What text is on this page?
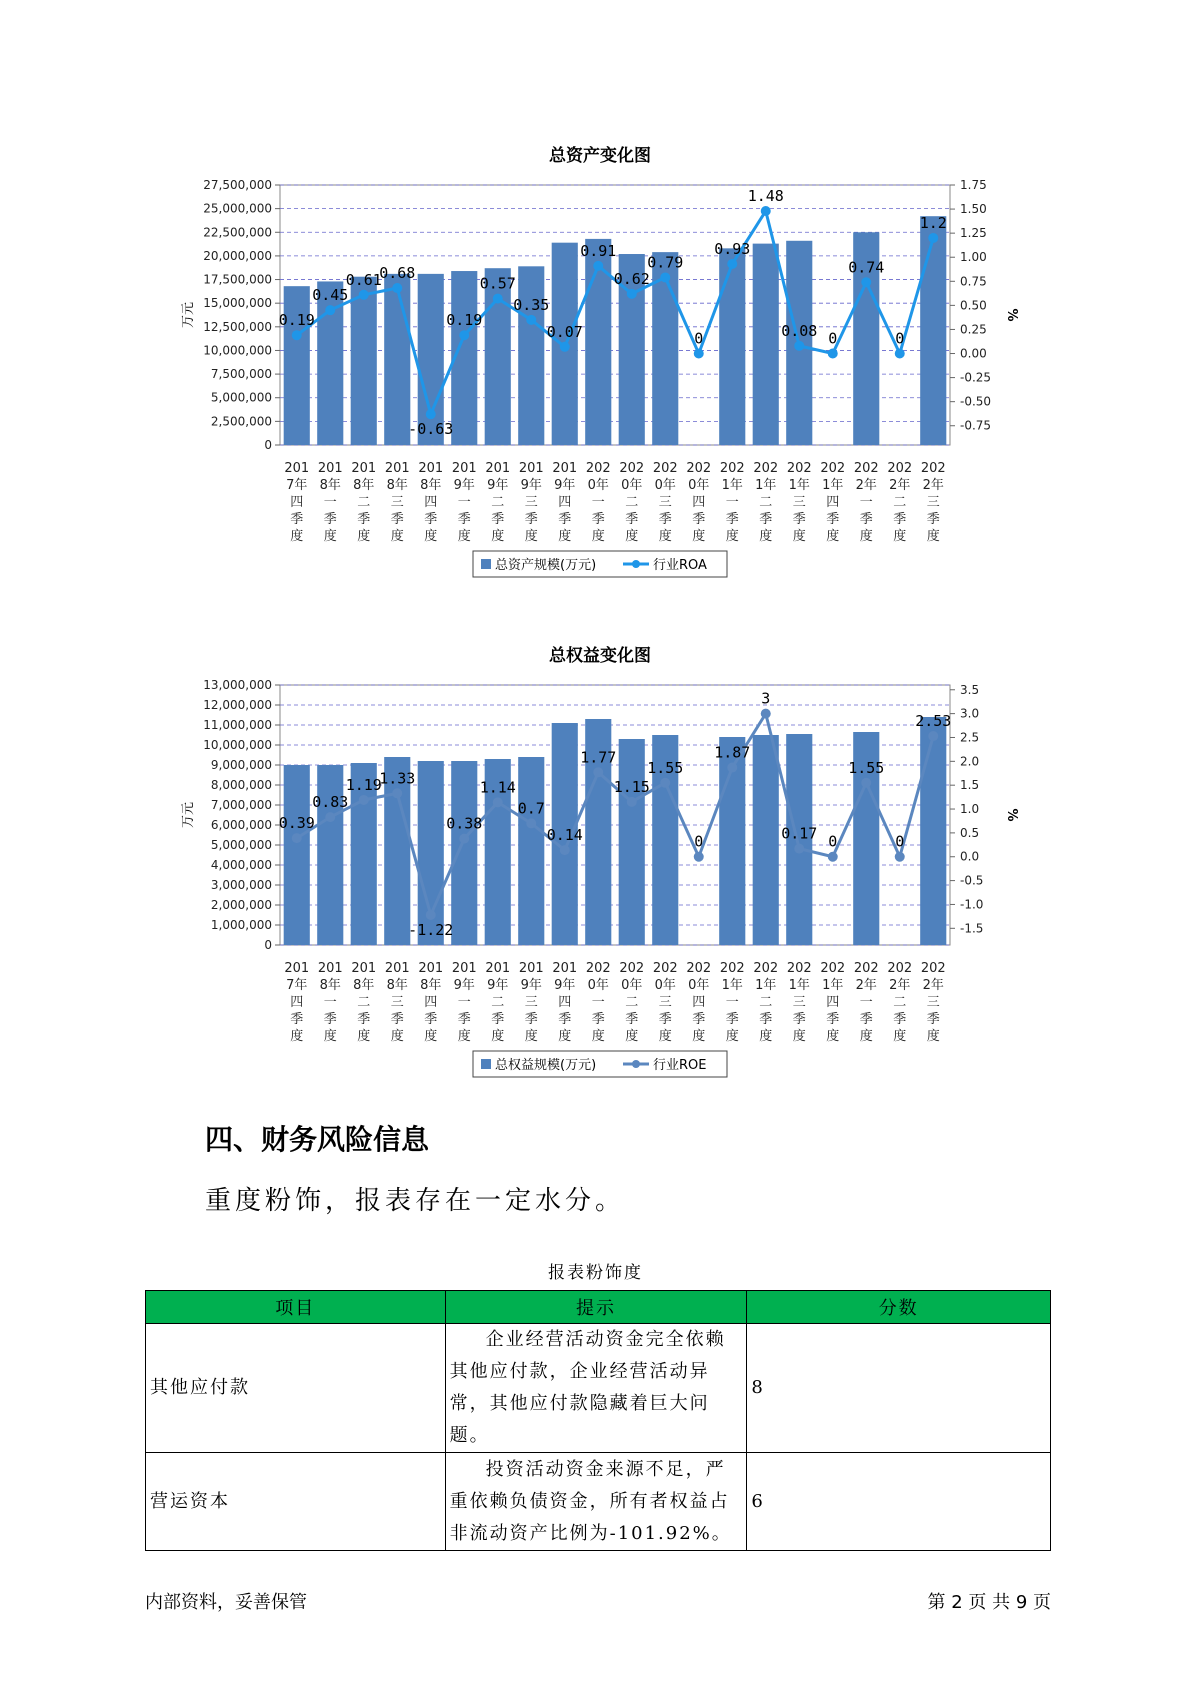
总资产变化图
0
2,500,000
5,000,000
7,500,000
10,000,000
12,500,000
15,000,000
17,500,000
20,000,000
22,500,000
25,000,000
27,500,000
-0.75
-0.50
-0.25
0.00
0.25
0.50
0.75
1.00
1.25
1.50
1.75
万元	%
0.19
0.45
0.61
0.68
-0.63
0.19
0.57
0.35
0.07
0.91
0.62
0.79
0
0.93
1.48
0.08 0
0.74
0
1.2
201 7年四季度
201 8年一季度
201 8年二季度
201 8年三季度
201 8年四季度
201 9年一季度
201 9年二季度
201 9年三季度
201 9年四季度
202 0年一季度
202 0年二季度
202 0年三季度
202 0年四季度
202 1年一季度
202 1年二季度
202 1年三季度
202 1年四季度
202 2年一季度
202 2年二季度
202 2年三季度
总资产规模(万元)	行业ROA
总权益变化图
0
1,000,000
2,000,000
3,000,000
4,000,000
5,000,000
6,000,000
7,000,000
8,000,000
9,000,000
10,000,000
11,000,000
12,000,000
13,000,000
-1.5
-1.0
-0.5
0.0
0.5
1.0
1.5
2.0
2.5
3.0
3.5
万元	%
0.39
0.83
1.19
1.33
-1.22
0.38
1.14
0.7
0.14
1.77
1.15
1.55
0
1.87
3
0.17 0
1.55
0
2.53
201 7年四季度
201 8年一季度
201 8年二季度
201 8年三季度
201 8年四季度
201 9年一季度
201 9年二季度
201 9年三季度
201 9年四季度
202 0年一季度
202 0年二季度
202 0年三季度
202 0年四季度
202 1年一季度
202 1年二季度
202 1年三季度
202 1年四季度
202 2年一季度
202 2年二季度
202 2年三季度
总权益规模(万元)	行业ROE
四、财务风险信息

重度粉饰，报表存在一定水分。

报表粉饰度
项目	提示	分数
其他应付款	企业经营活动资金完全依赖其他应付款，企业经营活动异常，其他应付款隐藏着巨大问题。	8
营运资本	投资活动资金来源不足，严重依赖负债资金，所有者权益占非流动资产比例为-101.92%。	6
内部资料，妥善保管	第 2 页 共 9 页
